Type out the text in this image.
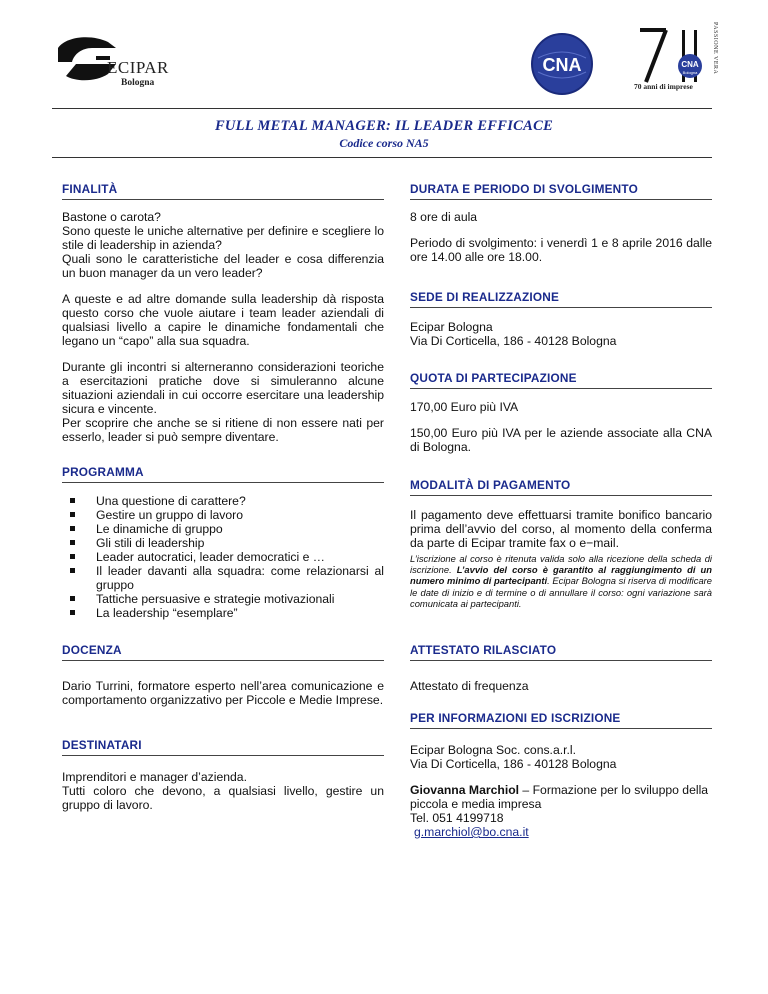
ECIPAR
Bologna
CNA	CNA
Bologna PASSIONE VERA
70 anni di imprese
FULL METAL MANAGER: IL LEADER EFFICACE
Codice corso NA5
FINALITÀ

Bastone o carota?

Sono queste le uniche alternative per definire e scegliere lo stile di leadership in azienda?

Quali sono le caratteristiche del leader e cosa differenzia un buon manager da un vero leader?

A queste e ad altre domande sulla leadership dà risposta questo corso che vuole aiutare i team leader aziendali di qualsiasi livello a capire le dinamiche fondamentali che legano un “capo” alla sua squadra.

Durante gli incontri si alterneranno considerazioni teoriche a esercitazioni pratiche dove si simuleranno alcune situazioni aziendali in cui occorre esercitare una leadership sicura e vincente.

Per scoprire che anche se si ritiene di non essere nati per esserlo, leader si può sempre diventare.

PROGRAMMA
Una questione di carattere?
Gestire un gruppo di lavoro
Le dinamiche di gruppo
Gli stili di leadership
Leader autocratici, leader democratici e …
Il leader davanti alla squadra: come relazionarsi al gruppo
Tattiche persuasive e strategie motivazionali
La leadership “esemplare”
DOCENZA

Dario Turrini, formatore esperto nell’area comunicazione e comportamento organizzativo per Piccole e Medie Imprese.

DESTINATARI

Imprenditori e manager d’azienda.

Tutti coloro che devono, a qualsiasi livello, gestire un gruppo di lavoro.

DURATA E PERIODO DI SVOLGIMENTO

8 ore di aula

Periodo di svolgimento: i venerdì 1 e 8 aprile 2016 dalle ore 14.00 alle ore 18.00.

SEDE DI REALIZZAZIONE

Ecipar Bologna

Via Di Corticella, 186 - 40128 Bologna

QUOTA DI PARTECIPAZIONE

170,00 Euro più IVA

150,00 Euro più IVA per le aziende associate alla CNA di Bologna.

MODALITÀ DI PAGAMENTO

Il pagamento deve effettuarsi tramite bonifico bancario prima dell’avvio del corso, al momento della conferma da parte di Ecipar tramite fax o e−mail.

L’iscrizione al corso è ritenuta valida solo alla ricezione della scheda di iscrizione. L’avvio del corso è garantito al raggiungimento di un numero minimo di partecipanti. Ecipar Bologna si riserva di modificare le date di inizio e di termine o di annullare il corso: ogni variazione sarà comunicata ai partecipanti.
ATTESTATO RILASCIATO

Attestato di frequenza

PER INFORMAZIONI ED ISCRIZIONE

Ecipar Bologna Soc. cons.a.r.l.

Via Di Corticella, 186 - 40128 Bologna

Giovanna Marchiol – Formazione per lo sviluppo della piccola e media impresa

Tel. 051 4199718

g.marchiol@bo.cna.it
